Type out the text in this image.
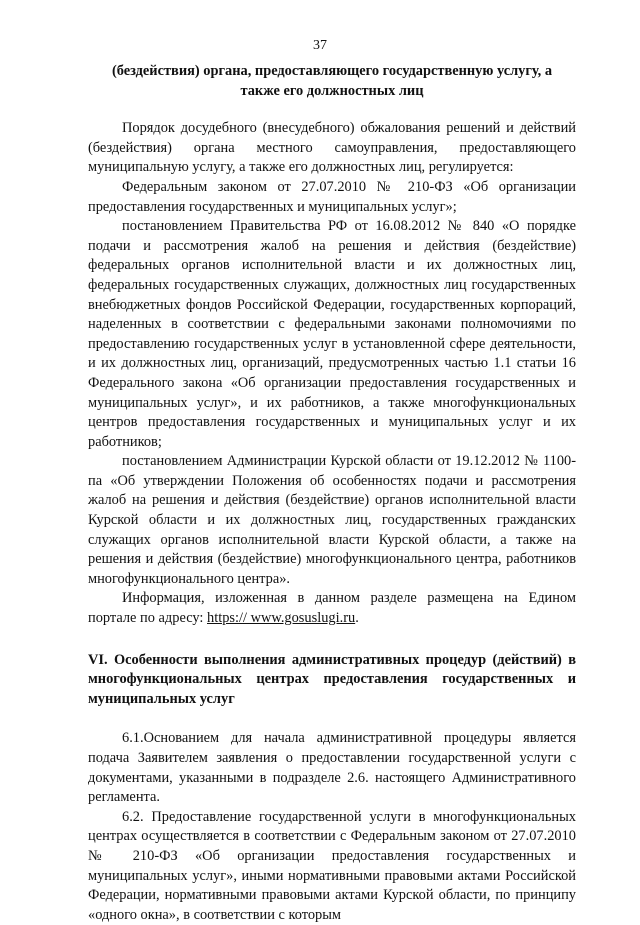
37
(бездействия) органа, предоставляющего государственную услугу, а
также его должностных лиц

Порядок досудебного (внесудебного) обжалования решений и действий (бездействия) органа местного самоуправления, предоставляющего муниципальную услугу, а также его должностных лиц, регулируется:

Федеральным законом от 27.07.2010 № 210-ФЗ «Об организации предоставления государственных и муниципальных услуг»;

постановлением Правительства РФ от 16.08.2012 № 840 «О порядке подачи и рассмотрения жалоб на решения и действия (бездействие) федеральных органов исполнительной власти и их должностных лиц, федеральных государственных служащих, должностных лиц государственных внебюджетных фондов Российской Федерации, государственных корпораций, наделенных в соответствии с федеральными законами полномочиями по предоставлению государственных услуг в установленной сфере деятельности, и их должностных лиц, организаций, предусмотренных частью 1.1 статьи 16 Федерального закона «Об организации предоставления государственных и муниципальных услуг», и их работников, а также многофункциональных центров предоставления государственных и муниципальных услуг и их работников;

постановлением Администрации Курской области от 19.12.2012 № 1100-па «Об утверждении Положения об особенностях подачи и рассмотрения жалоб на решения и действия (бездействие) органов исполнительной власти Курской области и их должностных лиц, государственных гражданских служащих органов исполнительной власти Курской области, а также на решения и действия (бездействие) многофункционального центра, работников многофункционального центра».

Информация, изложенная в данном разделе размещена на Едином портале по адресу: https:// www.gosuslugi.ru.

VI. Особенности выполнения административных процедур (действий) в многофункциональных центрах предоставления государственных и муниципальных услуг

6.1.Основанием для начала административной процедуры является подача Заявителем заявления о предоставлении государственной услуги с документами, указанными в подразделе 2.6. настоящего Административного регламента.

6.2. Предоставление государственной услуги в многофункциональных центрах осуществляется в соответствии с Федеральным законом от 27.07.2010 № 210-ФЗ «Об организации предоставления государственных и муниципальных услуг», иными нормативными правовыми актами Российской Федерации, нормативными правовыми актами Курской области, по принципу «одного окна», в соответствии с которым
